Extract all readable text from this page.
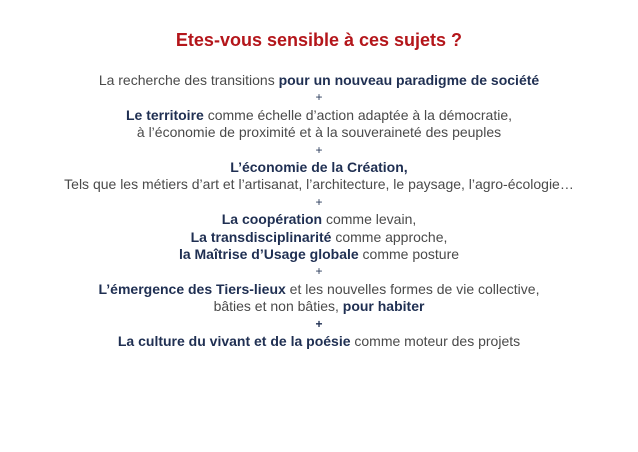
Etes-vous sensible à ces sujets ?
La recherche des transitions pour un nouveau paradigme de société
+
Le territoire comme échelle d’action adaptée à la démocratie,
à l’économie de proximité et à la souveraineté des peuples
+
L’économie de la Création,
Tels que les métiers d’art et l’artisanat, l’architecture, le paysage, l’agro-écologie…
+
La coopération comme levain,
La transdisciplinarité comme approche,
la Maîtrise d’Usage globale comme posture
+
L’émergence des Tiers-lieux et les nouvelles formes de vie collective,
bâties et non bâties, pour habiter
+
La culture du vivant et de la poésie comme moteur des projets
